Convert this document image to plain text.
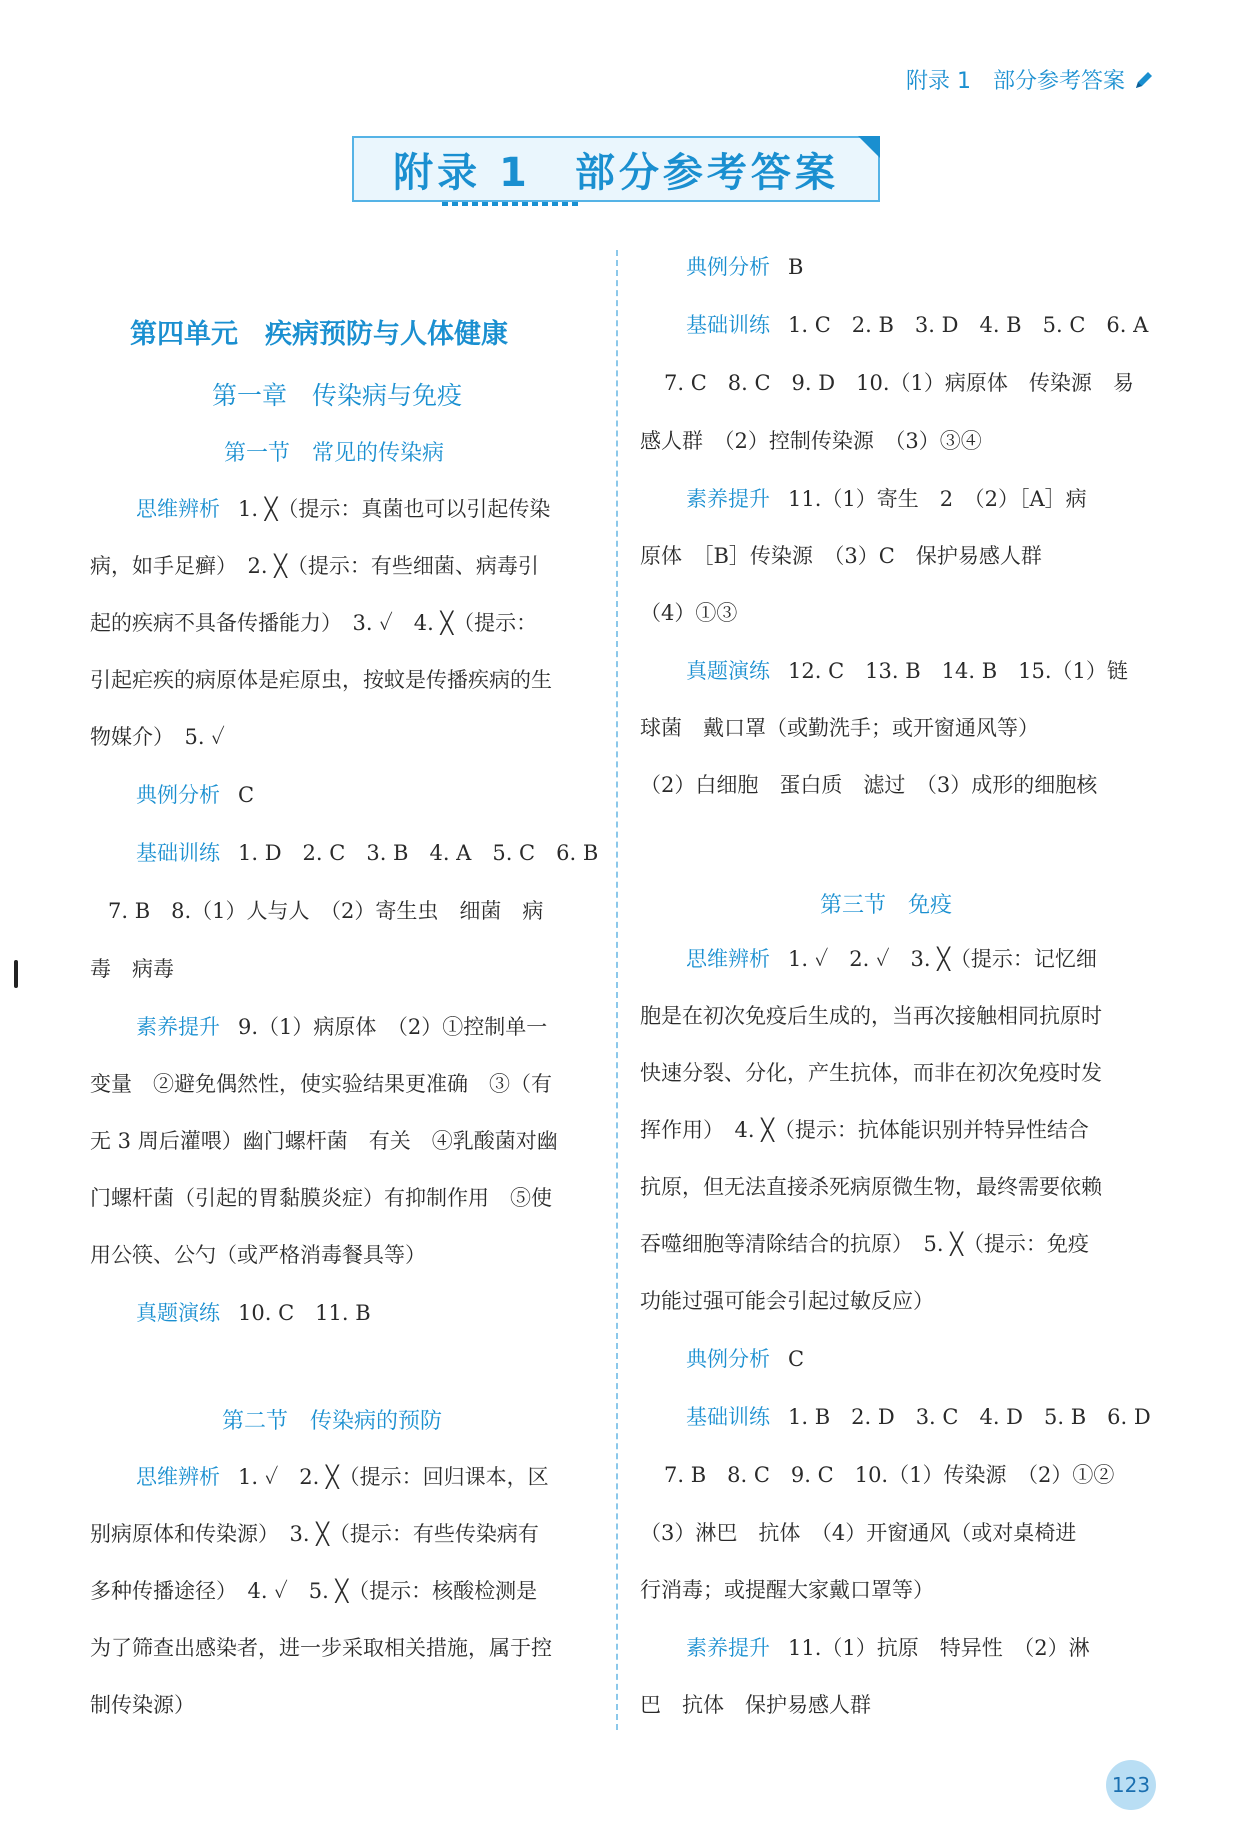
附录 1　部分参考答案
附录 1　部分参考答案
第四单元　疾病预防与人体健康
第一章　传染病与免疫
第一节　常见的传染病
思维辨析 1. ╳（提示：真菌也可以引起传染
病，如手足癣）　2. ╳（提示：有些细菌、病毒引
起的疾病不具备传播能力）　3. ✓　4. ╳（提示：
引起疟疾的病原体是疟原虫，按蚊是传播疾病的生
物媒介）　5. ✓
典例分析 C
基础训练 1. D　2. C　3. B　4. A　5. C　6. B
7. B　8.（1）人与人　（2）寄生虫　细菌　病
毒　病毒
素养提升 9.（1）病原体　（2）①控制单一
变量　②避免偶然性，使实验结果更准确　③（有
无 3 周后灌喂）幽门螺杆菌　有关　④乳酸菌对幽
门螺杆菌（引起的胃黏膜炎症）有抑制作用　⑤使
用公筷、公勺（或严格消毒餐具等）
真题演练 10. C　11. B
第二节　传染病的预防
思维辨析 1. ✓　2. ╳（提示：回归课本，区
别病原体和传染源）　3. ╳（提示：有些传染病有
多种传播途径）　4. ✓　5. ╳（提示：核酸检测是
为了筛查出感染者，进一步采取相关措施，属于控
制传染源）
典例分析 B
基础训练 1. C　2. B　3. D　4. B　5. C　6. A
7. C　8. C　9. D　10.（1）病原体　传染源　易
感人群　（2）控制传染源　（3）③④
素养提升 11.（1）寄生　2　（2）［A］病
原体　［B］传染源　（3）C　保护易感人群
（4）①③
真题演练 12. C　13. B　14. B　15.（1）链
球菌　戴口罩（或勤洗手；或开窗通风等）
（2）白细胞　蛋白质　滤过　（3）成形的细胞核
第三节　免疫
思维辨析 1. ✓　2. ✓　3. ╳（提示：记忆细
胞是在初次免疫后生成的，当再次接触相同抗原时
快速分裂、分化，产生抗体，而非在初次免疫时发
挥作用）　4. ╳（提示：抗体能识别并特异性结合
抗原，但无法直接杀死病原微生物，最终需要依赖
吞噬细胞等清除结合的抗原）　5. ╳（提示：免疫
功能过强可能会引起过敏反应）
典例分析 C
基础训练 1. B　2. D　3. C　4. D　5. B　6. D
7. B　8. C　9. C　10.（1）传染源　（2）①②
（3）淋巴　抗体　（4）开窗通风（或对桌椅进
行消毒；或提醒大家戴口罩等）
素养提升 11.（1）抗原　特异性　（2）淋
巴　抗体　保护易感人群
123
